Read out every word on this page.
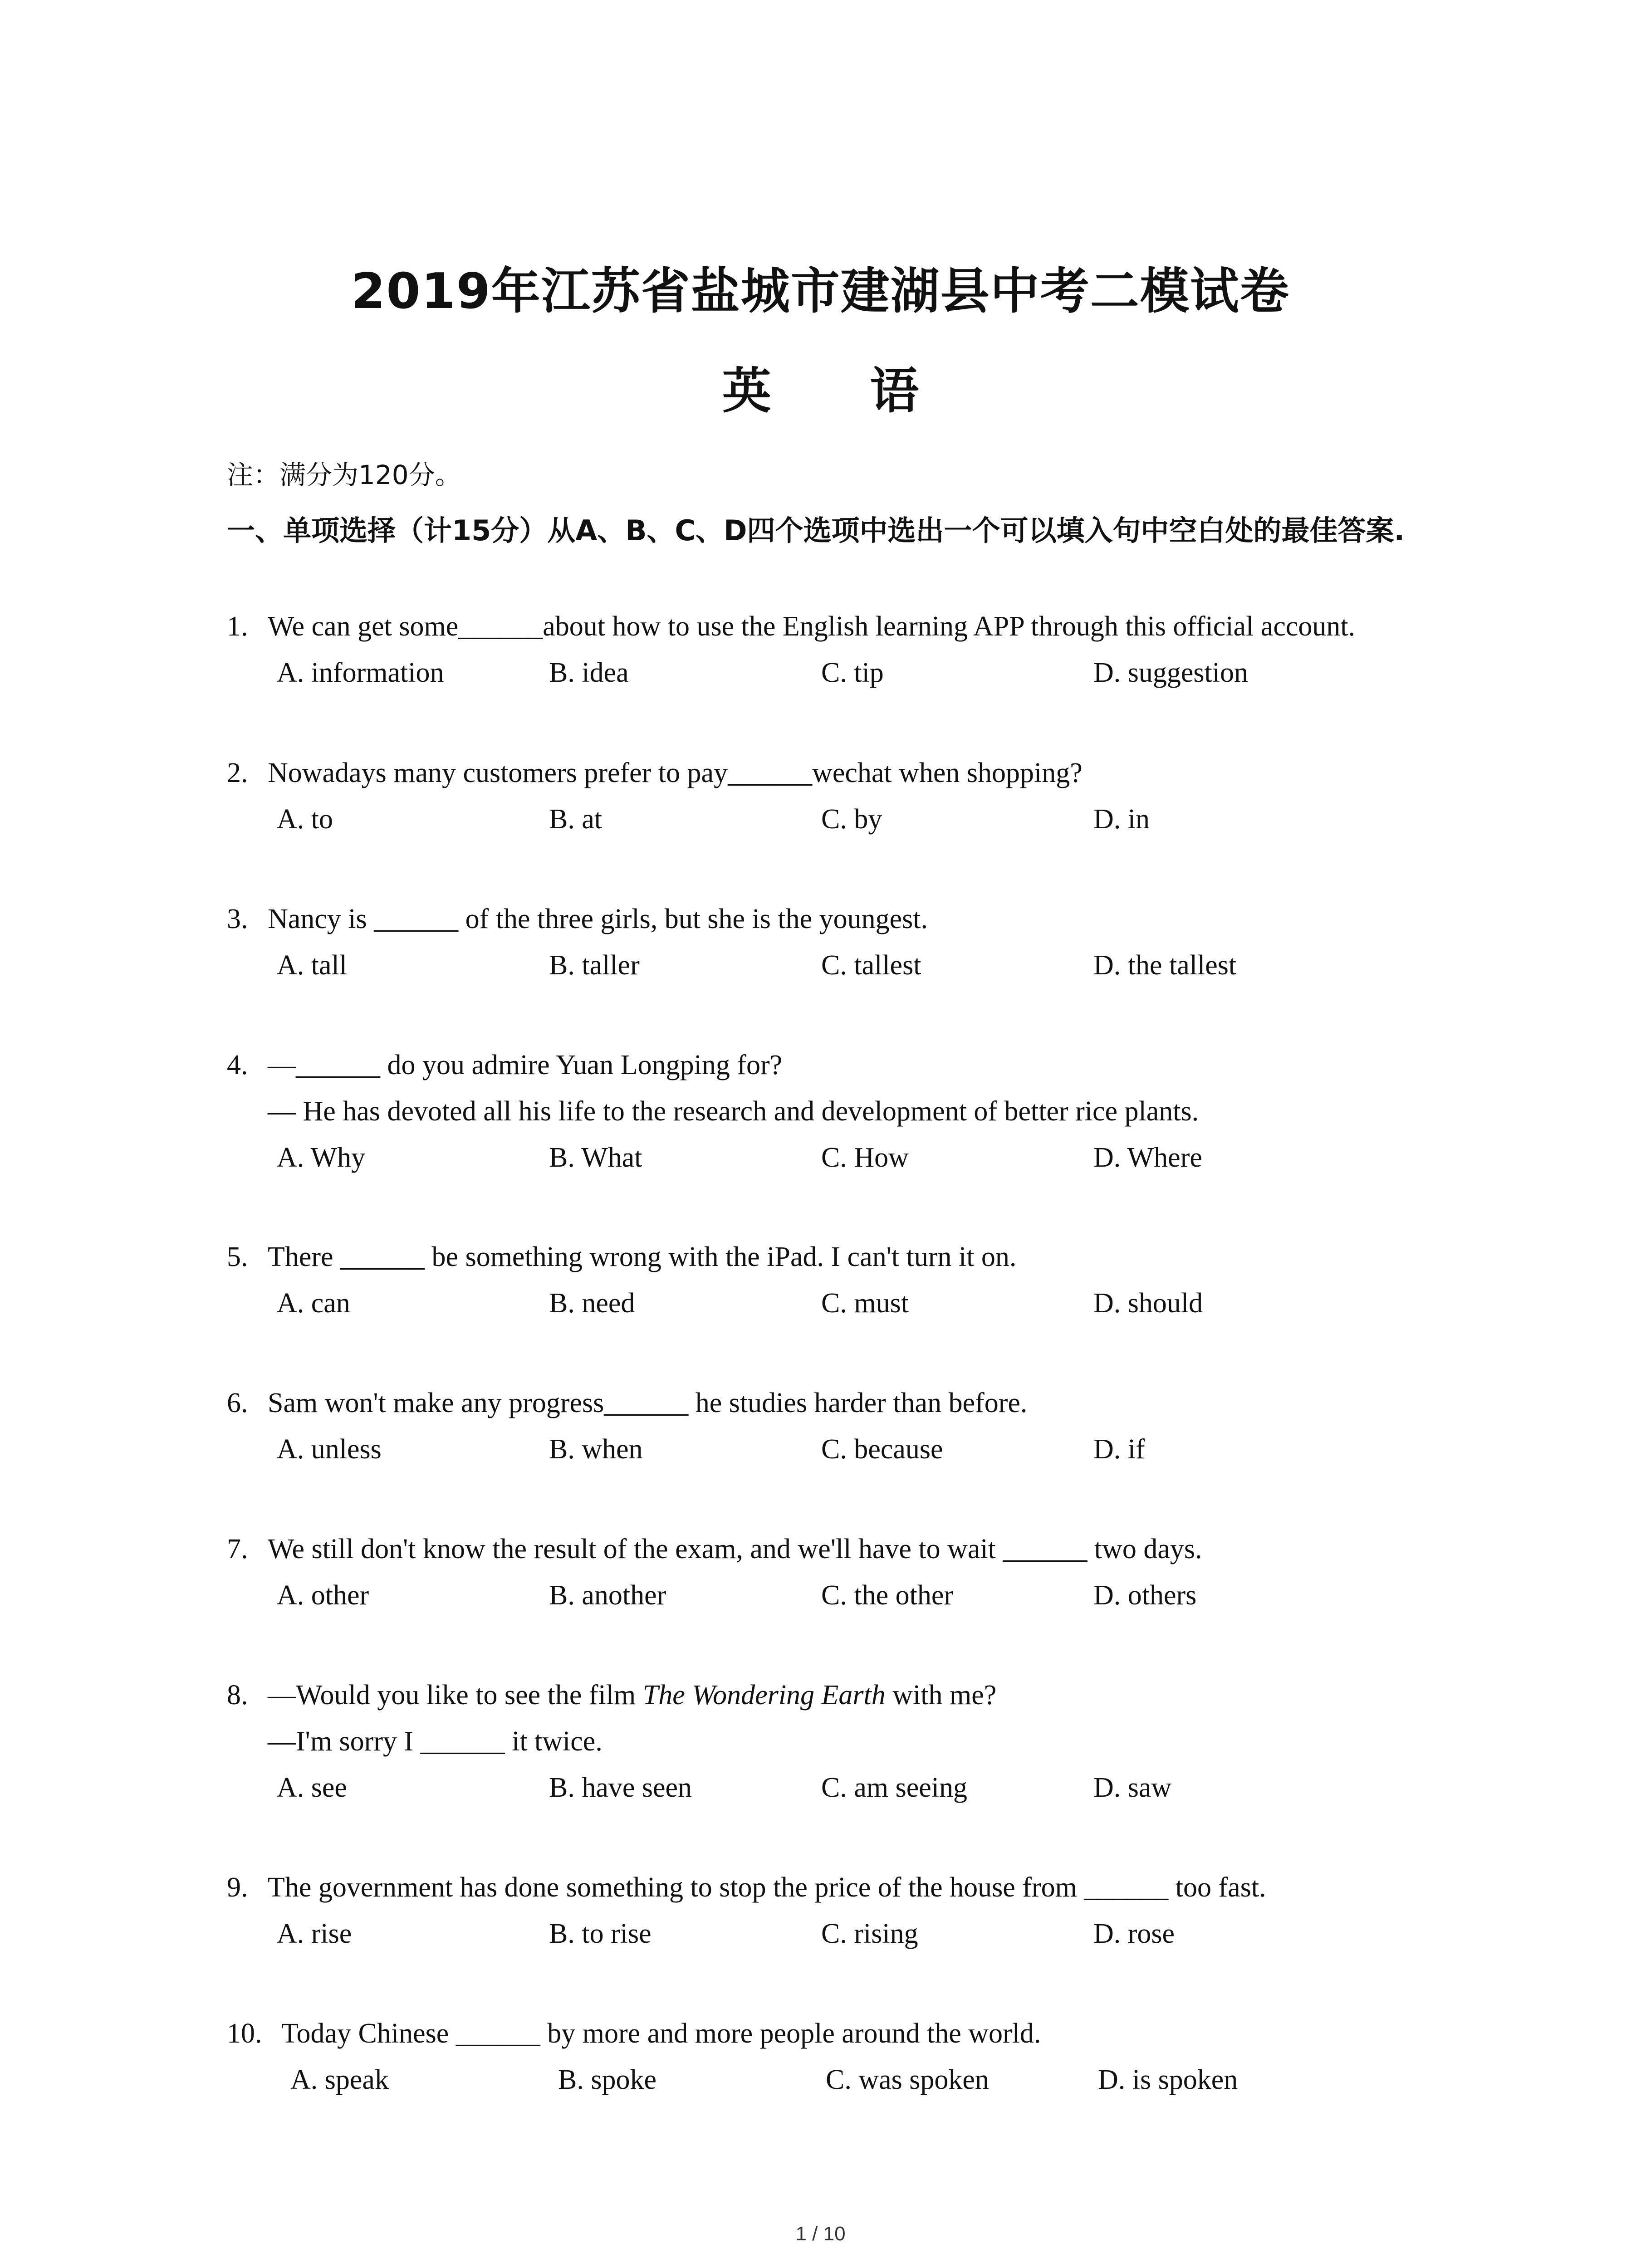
2019年江苏省盐城市建湖县中考二模试卷
英 语

注：满分为120分。

一、单项选择（计15分）从A、B、C、D四个选项中选出一个可以填入句中空白处的最佳答案.

1. We can get some______about how to use the English learning APP through this official account.
A. information	B. idea	C. tip	D. suggestion
2. Nowadays many customers prefer to pay______wechat when shopping?
A. to	B. at	C. by	D. in
3. Nancy is ______ of the three girls, but she is the youngest.
A. tall	B. taller	C. tallest	D. the tallest
4. —______ do you admire Yuan Longping for?
— He has devoted all his life to the research and development of better rice plants.
A. Why	B. What	C. How	D. Where
5. There ______ be something wrong with the iPad. I can't turn it on.
A. can	B. need	C. must	D. should
6. Sam won't make any progress______ he studies harder than before.
A. unless	B. when	C. because	D. if
7. We still don't know the result of the exam, and we'll have to wait ______ two days.
A. other	B. another	C. the other	D. others
8. —Would you like to see the film The Wondering Earth with me?
—I'm sorry I ______ it twice.
A. see	B. have seen	C. am seeing	D. saw
9. The government has done something to stop the price of the house from ______ too fast.
A. rise	B. to rise	C. rising	D. rose
10. Today Chinese ______ by more and more people around the world.
A. speak	B. spoke	C. was spoken	D. is spoken
1 / 10
